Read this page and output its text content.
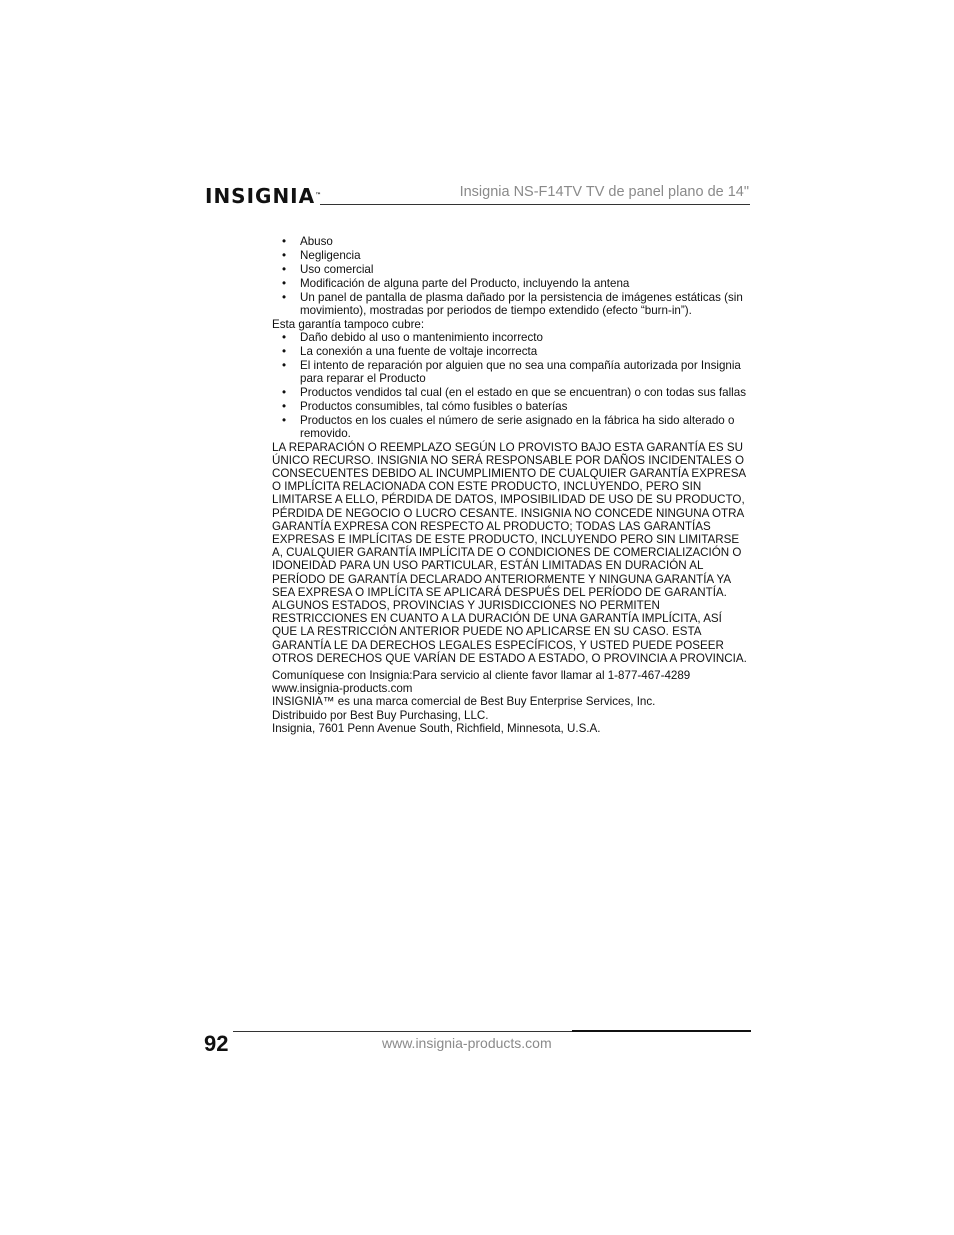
INSIGNIA™	Insignia NS-F14TV TV de panel plano de 14"
• Abuso
• Negligencia
• Uso comercial
• Modificación de alguna parte del Producto, incluyendo la antena
• Un panel de pantalla de plasma dañado por la persistencia de imágenes estáticas (sin movimiento), mostradas por periodos de tiempo extendido (efecto “burn-in”).

Esta garantía tampoco cubre:

• Daño debido al uso o mantenimiento incorrecto
• La conexión a una fuente de voltaje incorrecta
• El intento de reparación por alguien que no sea una compañía autorizada por Insignia para reparar el Producto
• Productos vendidos tal cual (en el estado en que se encuentran) o con todas sus fallas
• Productos consumibles, tal cómo fusibles o baterías
• Productos en los cuales el número de serie asignado en la fábrica ha sido alterado o removido.

LA REPARACIÓN O REEMPLAZO SEGÚN LO PROVISTO BAJO ESTA GARANTÍA ES SU ÚNICO RECURSO. INSIGNIA NO SERÁ RESPONSABLE POR DAÑOS INCIDENTALES O CONSECUENTES DEBIDO AL INCUMPLIMIENTO DE CUALQUIER GARANTÍA EXPRESA O IMPLÍCITA RELACIONADA CON ESTE PRODUCTO, INCLUYENDO, PERO SIN LIMITARSE A ELLO, PÉRDIDA DE DATOS, IMPOSIBILIDAD DE USO DE SU PRODUCTO, PÉRDIDA DE NEGOCIO O LUCRO CESANTE. INSIGNIA NO CONCEDE NINGUNA OTRA GARANTÍA EXPRESA CON RESPECTO AL PRODUCTO; TODAS LAS GARANTÍAS EXPRESAS E IMPLÍCITAS DE ESTE PRODUCTO, INCLUYENDO PERO SIN LIMITARSE A, CUALQUIER GARANTÍA IMPLÍCITA DE O CONDICIONES DE COMERCIALIZACIÓN O IDONEIDAD PARA UN USO PARTICULAR, ESTÁN LIMITADAS EN DURACIÓN AL PERÍODO DE GARANTÍA DECLARADO ANTERIORMENTE Y NINGUNA GARANTÍA YA SEA EXPRESA O IMPLÍCITA SE APLICARÁ DESPUÉS DEL PERÍODO DE GARANTÍA. ALGUNOS ESTADOS, PROVINCIAS Y JURISDICCIONES NO PERMITEN RESTRICCIONES EN CUANTO A LA DURACIÓN DE UNA GARANTÍA IMPLÍCITA, ASÍ QUE LA RESTRICCIÓN ANTERIOR PUEDE NO APLICARSE EN SU CASO. ESTA GARANTÍA LE DA DERECHOS LEGALES ESPECÍFICOS, Y USTED PUEDE POSEER OTROS DERECHOS QUE VARÍAN DE ESTADO A ESTADO, O PROVINCIA A PROVINCIA.

Comuníquese con Insignia:Para servicio al cliente favor llamar al 1-877-467-4289

www.insignia-products.com

INSIGNIA™ es una marca comercial de Best Buy Enterprise Services, Inc.

Distribuido por Best Buy Purchasing, LLC.

Insignia, 7601 Penn Avenue South, Richfield, Minnesota, U.S.A.

92	www.insignia-products.com
